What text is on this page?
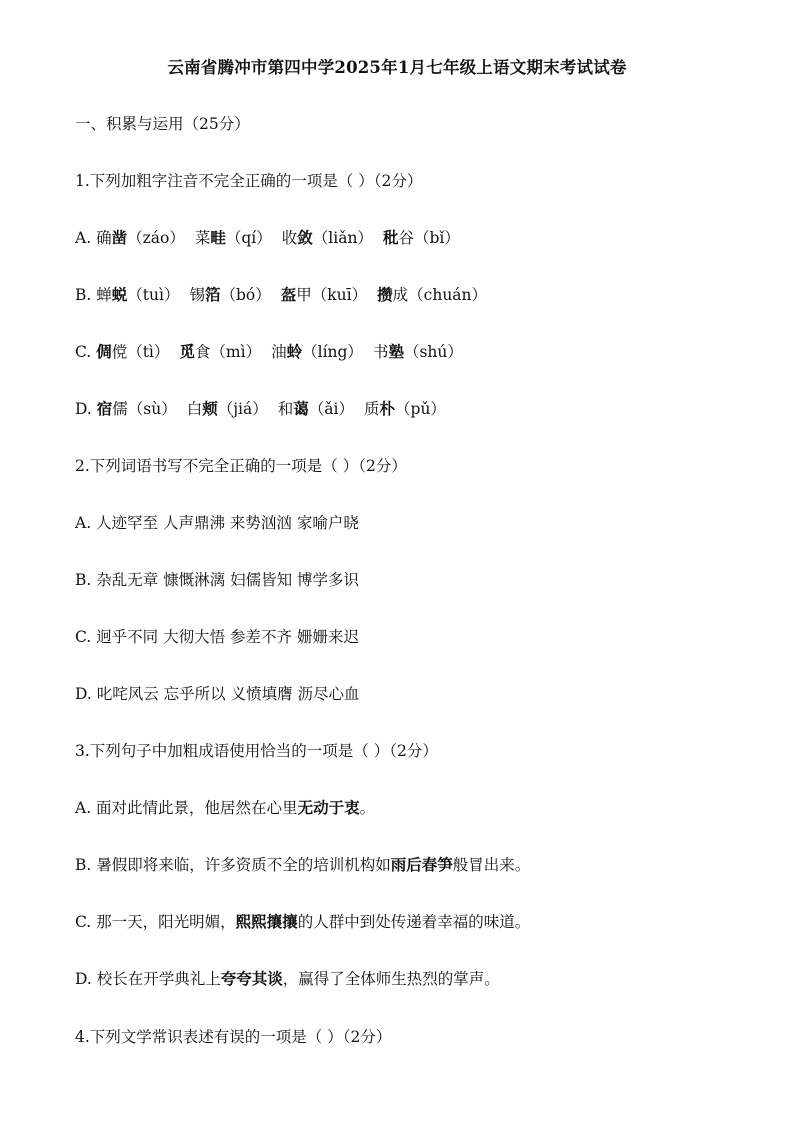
云南省腾冲市第四中学2025年1月七年级上语文期末考试试卷
一、积累与运用（25分）
1.下列加粗字注音不完全正确的一项是（ ）（2分）
A. 确凿（záo） 菜畦（qí） 收敛（liǎn） 秕谷（bǐ）
B. 蝉蜕（tuì） 锡箔（bó） 盔甲（kuī） 攒成（chuán）
C. 倜傥（tì） 觅食（mì） 油蛉（líng） 书塾（shú）
D. 宿儒（sù） 白颊（jiá） 和蔼（ǎi） 质朴（pǔ）
2.下列词语书写不完全正确的一项是（ ）（2分）
A. 人迹罕至 人声鼎沸 来势汹汹 家喻户晓
B. 杂乱无章 慷慨淋漓 妇儒皆知 博学多识
C. 迥乎不同 大彻大悟 参差不齐 姗姗来迟
D. 叱咤风云 忘乎所以 义愤填膺 沥尽心血
3.下列句子中加粗成语使用恰当的一项是（ ）（2分）
A. 面对此情此景，他居然在心里无动于衷。
B. 暑假即将来临，许多资质不全的培训机构如雨后春笋般冒出来。
C. 那一天，阳光明媚，熙熙攘攘的人群中到处传递着幸福的味道。
D. 校长在开学典礼上夸夸其谈，赢得了全体师生热烈的掌声。
4.下列文学常识表述有误的一项是（ ）（2分）
